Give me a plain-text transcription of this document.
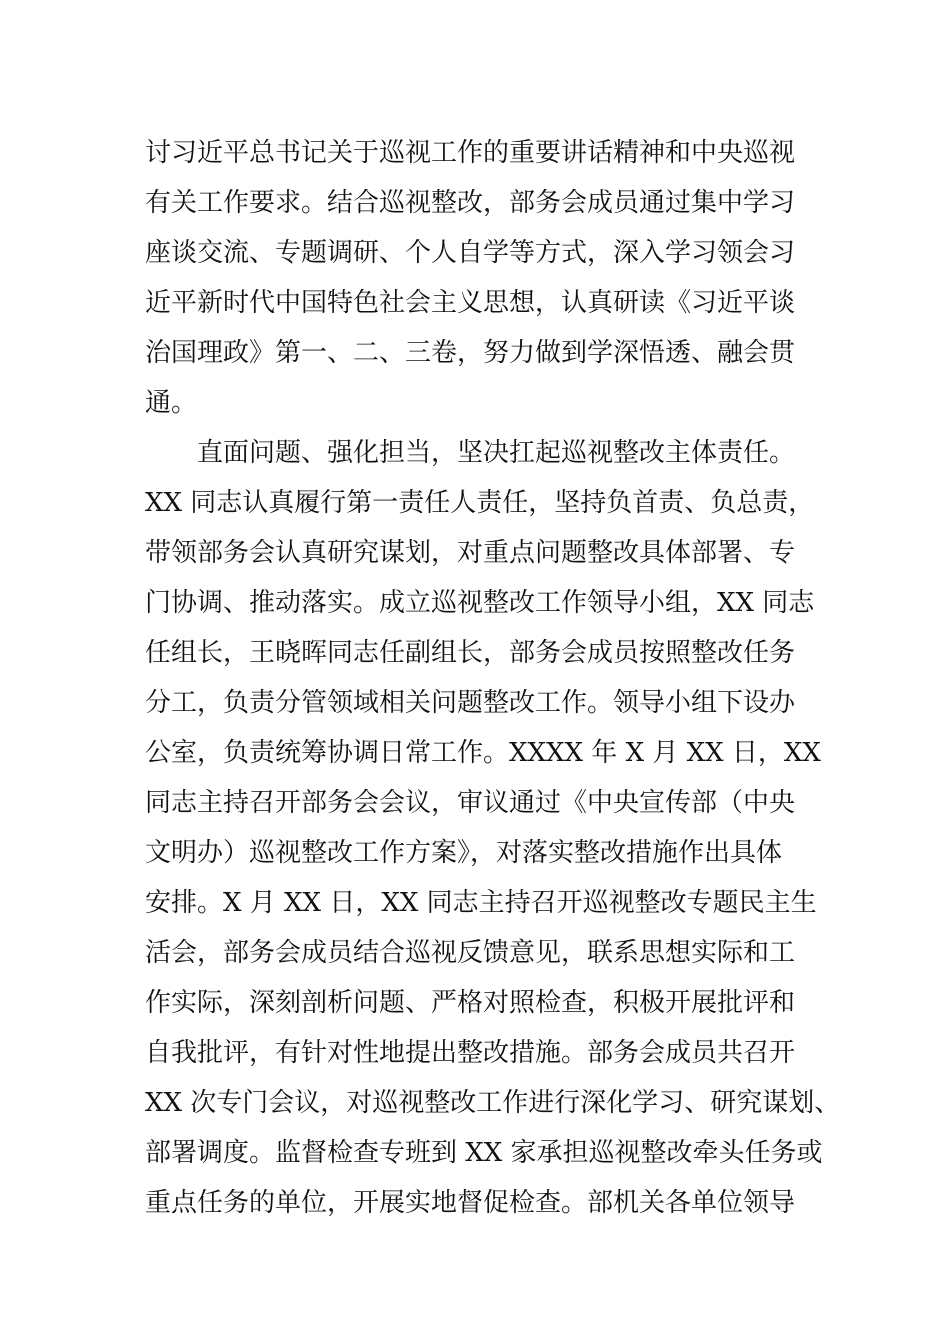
讨习近平总书记关于巡视工作的重要讲话精神和中央巡视
有关工作要求。结合巡视整改，部务会成员通过集中学习
座谈交流、专题调研、个人自学等方式，深入学习领会习
近平新时代中国特色社会主义思想，认真研读《习近平谈
治国理政》第一、二、三卷，努力做到学深悟透、融会贯
通。
直面问题、强化担当，坚决扛起巡视整改主体责任。
XX 同志认真履行第一责任人责任，坚持负首责、负总责，
带领部务会认真研究谋划，对重点问题整改具体部署、专
门协调、推动落实。成立巡视整改工作领导小组，XX 同志
任组长，王晓晖同志任副组长，部务会成员按照整改任务
分工，负责分管领域相关问题整改工作。领导小组下设办
公室，负责统筹协调日常工作。XXXX 年 X 月 XX 日，XX
同志主持召开部务会会议，审议通过《中央宣传部（中央
文明办）巡视整改工作方案》，对落实整改措施作出具体
安排。X 月 XX 日，XX 同志主持召开巡视整改专题民主生
活会，部务会成员结合巡视反馈意见，联系思想实际和工
作实际，深刻剖析问题、严格对照检查，积极开展批评和
自我批评，有针对性地提出整改措施。部务会成员共召开
XX 次专门会议，对巡视整改工作进行深化学习、研究谋划、
部署调度。监督检查专班到 XX 家承担巡视整改牵头任务或
重点任务的单位，开展实地督促检查。部机关各单位领导
